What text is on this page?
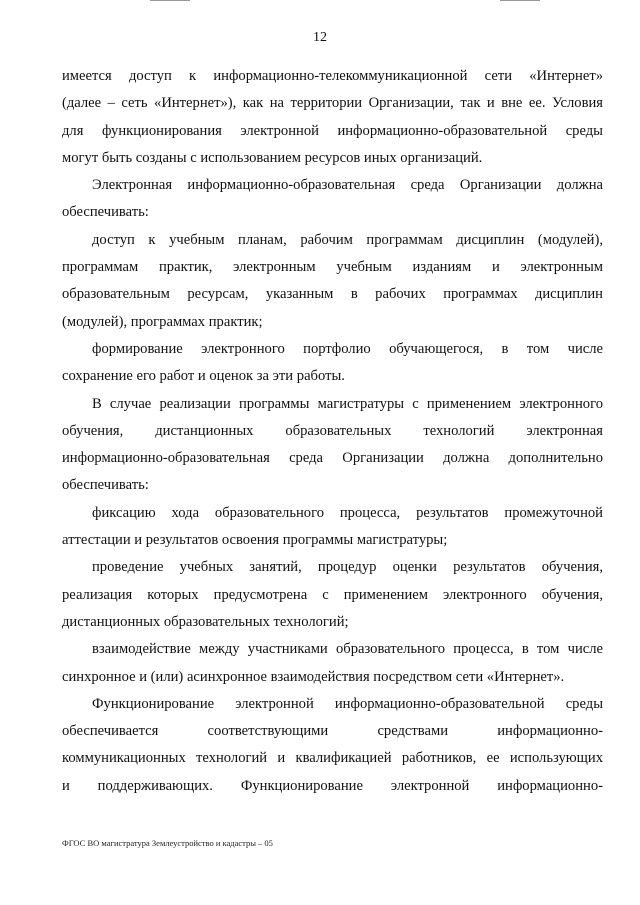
12
имеется доступ к информационно-телекоммуникационной сети «Интернет»
(далее – сеть «Интернет»), как на территории Организации, так и вне ее. Условия
для функционирования электронной информационно-образовательной среды
могут быть созданы с использованием ресурсов иных организаций.
Электронная информационно-образовательная среда Организации должна
обеспечивать:
доступ к учебным планам, рабочим программам дисциплин (модулей),
программам практик, электронным учебным изданиям и электронным
образовательным ресурсам, указанным в рабочих программах дисциплин
(модулей), программах практик;
формирование электронного портфолио обучающегося, в том числе
сохранение его работ и оценок за эти работы.
В случае реализации программы магистратуры с применением электронного
обучения, дистанционных образовательных технологий электронная
информационно-образовательная среда Организации должна дополнительно
обеспечивать:
фиксацию хода образовательного процесса, результатов промежуточной
аттестации и результатов освоения программы магистратуры;
проведение учебных занятий, процедур оценки результатов обучения,
реализация которых предусмотрена с применением электронного обучения,
дистанционных образовательных технологий;
взаимодействие между участниками образовательного процесса, в том числе
синхронное и (или) асинхронное взаимодействия посредством сети «Интернет».
Функционирование электронной информационно-образовательной среды
обеспечивается соответствующими средствами информационно-
коммуникационных технологий и квалификацией работников, ее использующих
и поддерживающих. Функционирование электронной информационно-
ФГОС ВО магистратура Землеустройство и кадастры – 05
